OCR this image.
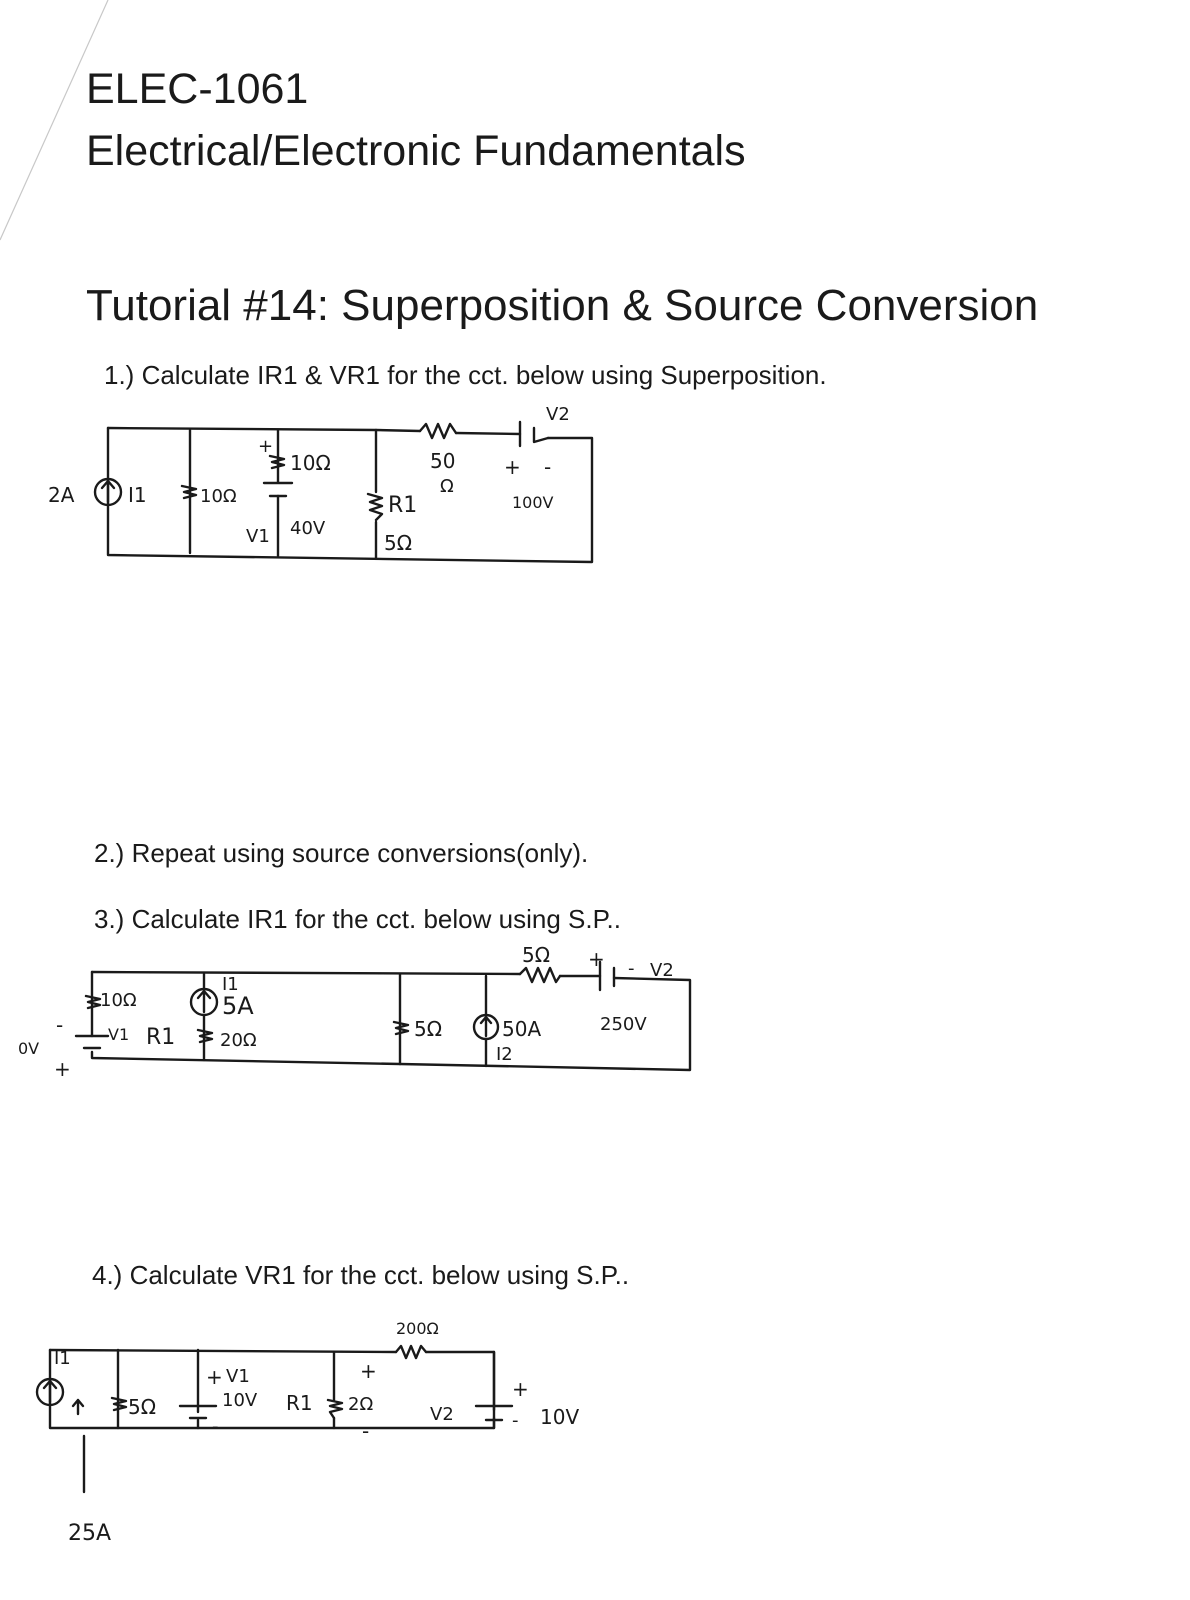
ELEC-1061
Electrical/Electronic Fundamentals
Tutorial #14: Superposition & Source Conversion
1.) Calculate IR1 & VR1 for the cct. below using Superposition.
2.) Repeat using source conversions(only).
3.) Calculate IR1 for the cct. below using S.P..
4.) Calculate VR1 for the cct. below using S.P..
2A	I1	10Ω
10Ω
+
V1 40V
R1
5Ω
50
Ω
V2
+ -
100V
10Ω
I1
5A
-	V1
0V
+
R1 20Ω	5Ω	50A
I2
5Ω + - V2
250V
I1
25A
5Ω
+ V1
10V
-
R1 2Ω
+
-
200Ω
V2
+
- 10V
